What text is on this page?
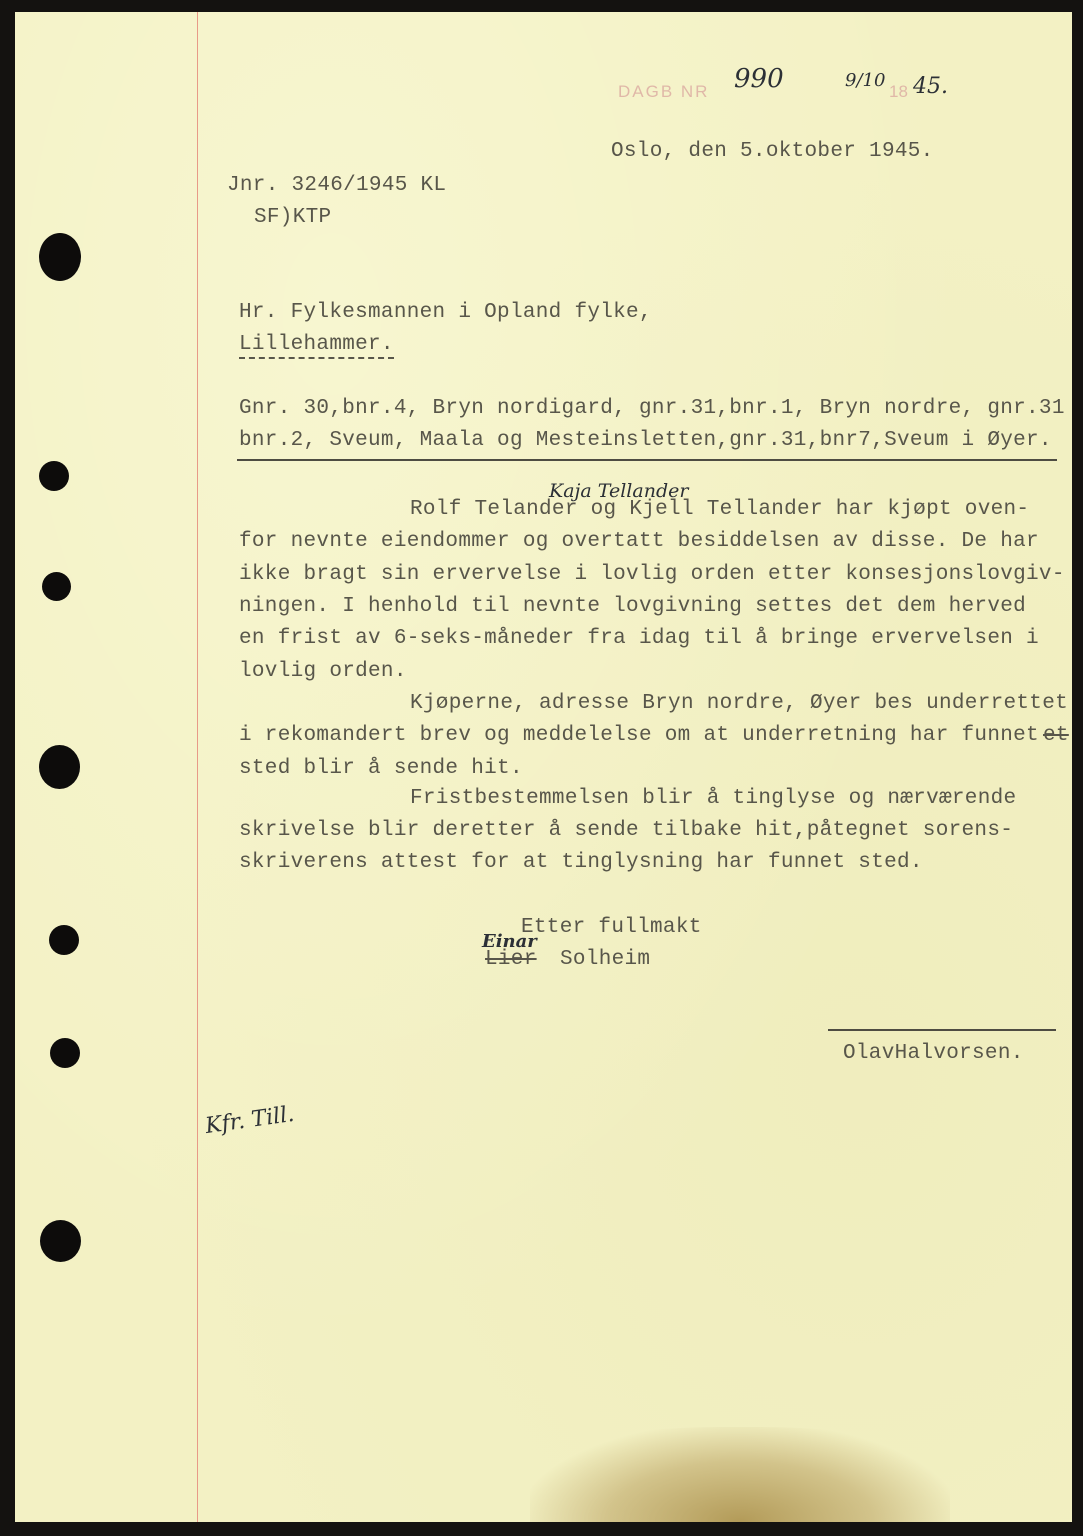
DAGB NR 990	9/10
18 45.
Oslo, den 5.oktober 1945.
Jnr. 3246/1945 KL
SF)KTP
Hr. Fylkesmannen i Opland fylke,
Lillehammer.
Gnr. 30,bnr.4, Bryn nordigard, gnr.31,bnr.1, Bryn nordre, gnr.31
bnr.2, Sveum, Maala og Mesteinsletten,gnr.31,bnr7,Sveum i Øyer.
Kaja Tellander
Rolf Telander og Kjell Tellander har kjøpt oven-
for nevnte eiendommer og overtatt besiddelsen av disse. De har
ikke bragt sin ervervelse i lovlig orden etter konsesjonslovgiv-
ningen. I henhold til nevnte lovgivning settes det dem herved
en frist av 6-seks-måneder fra idag til å bringe ervervelsen i
lovlig orden.
Kjøperne, adresse Bryn nordre, Øyer bes underrettet
i rekomandert brev og meddelelse om at underretning har funnet et
sted blir å sende hit.
Fristbestemmelsen blir å tinglyse og nærværende
skrivelse blir deretter å sende tilbake hit,påtegnet sorens-
skriverens attest for at tinglysning har funnet sted.
Etter fullmakt
Einar
Lier Solheim
OlavHalvorsen.
Kfr. Till.
